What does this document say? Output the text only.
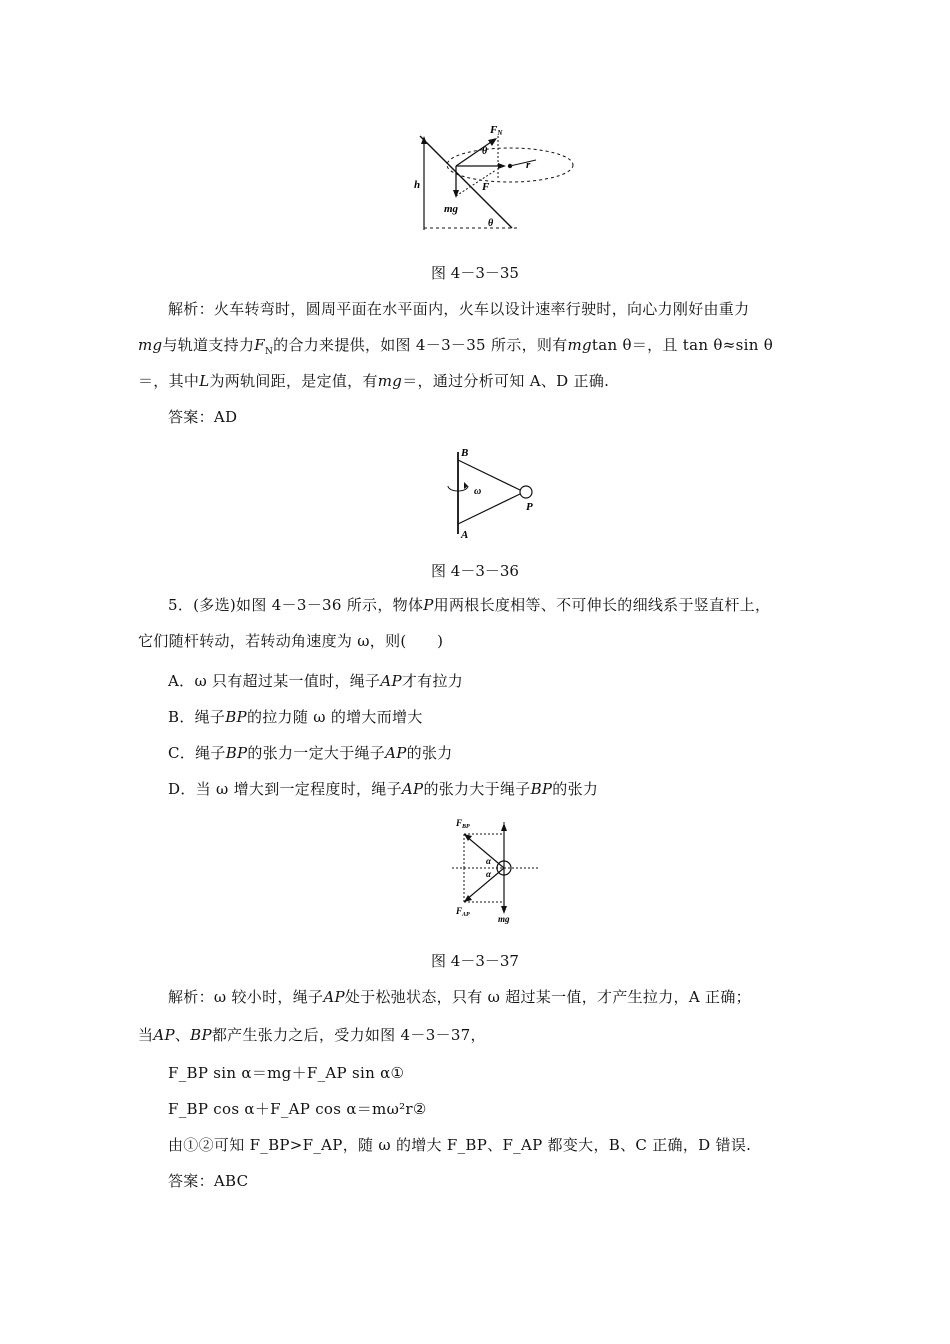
FN
θ
r
F
h
mg
θ
图 4－3－35
解析：火车转弯时，圆周平面在水平面内，火车以设计速率行驶时，向心力刚好由重力
mg与轨道支持力$F_N$的合力来提供，如图 4－3－35 所示，则有mgtan θ＝，且 tan θ≈sin θ
＝，其中L为两轨间距，是定值，有mg＝，通过分析可知 A、D 正确.
答案：AD
B
A
P
ω
图 4－3－36
5．(多选)如图 4－3－36 所示，物体P用两根长度相等、不可伸长的细线系于竖直杆上，
它们随杆转动，若转动角速度为 ω，则(　　)
A．ω 只有超过某一值时，绳子AP才有拉力
B．绳子BP的拉力随 ω 的增大而增大
C．绳子BP的张力一定大于绳子AP的张力
D．当 ω 增大到一定程度时，绳子AP的张力大于绳子BP的张力
$F_{BP}$
$F_{AP}$	mg
α
α
图 4－3－37
解析：ω 较小时，绳子AP处于松弛状态，只有 ω 超过某一值，才产生拉力，A 正确；
当AP、BP都产生张力之后，受力如图 4－3－37，
F_BP sin α＝mg＋F_AP sin α①
F_BP cos α＋F_AP cos α＝mω²r②
由①②可知 F_BP>F_AP，随 ω 的增大 F_BP、F_AP 都变大，B、C 正确，D 错误.
答案：ABC
